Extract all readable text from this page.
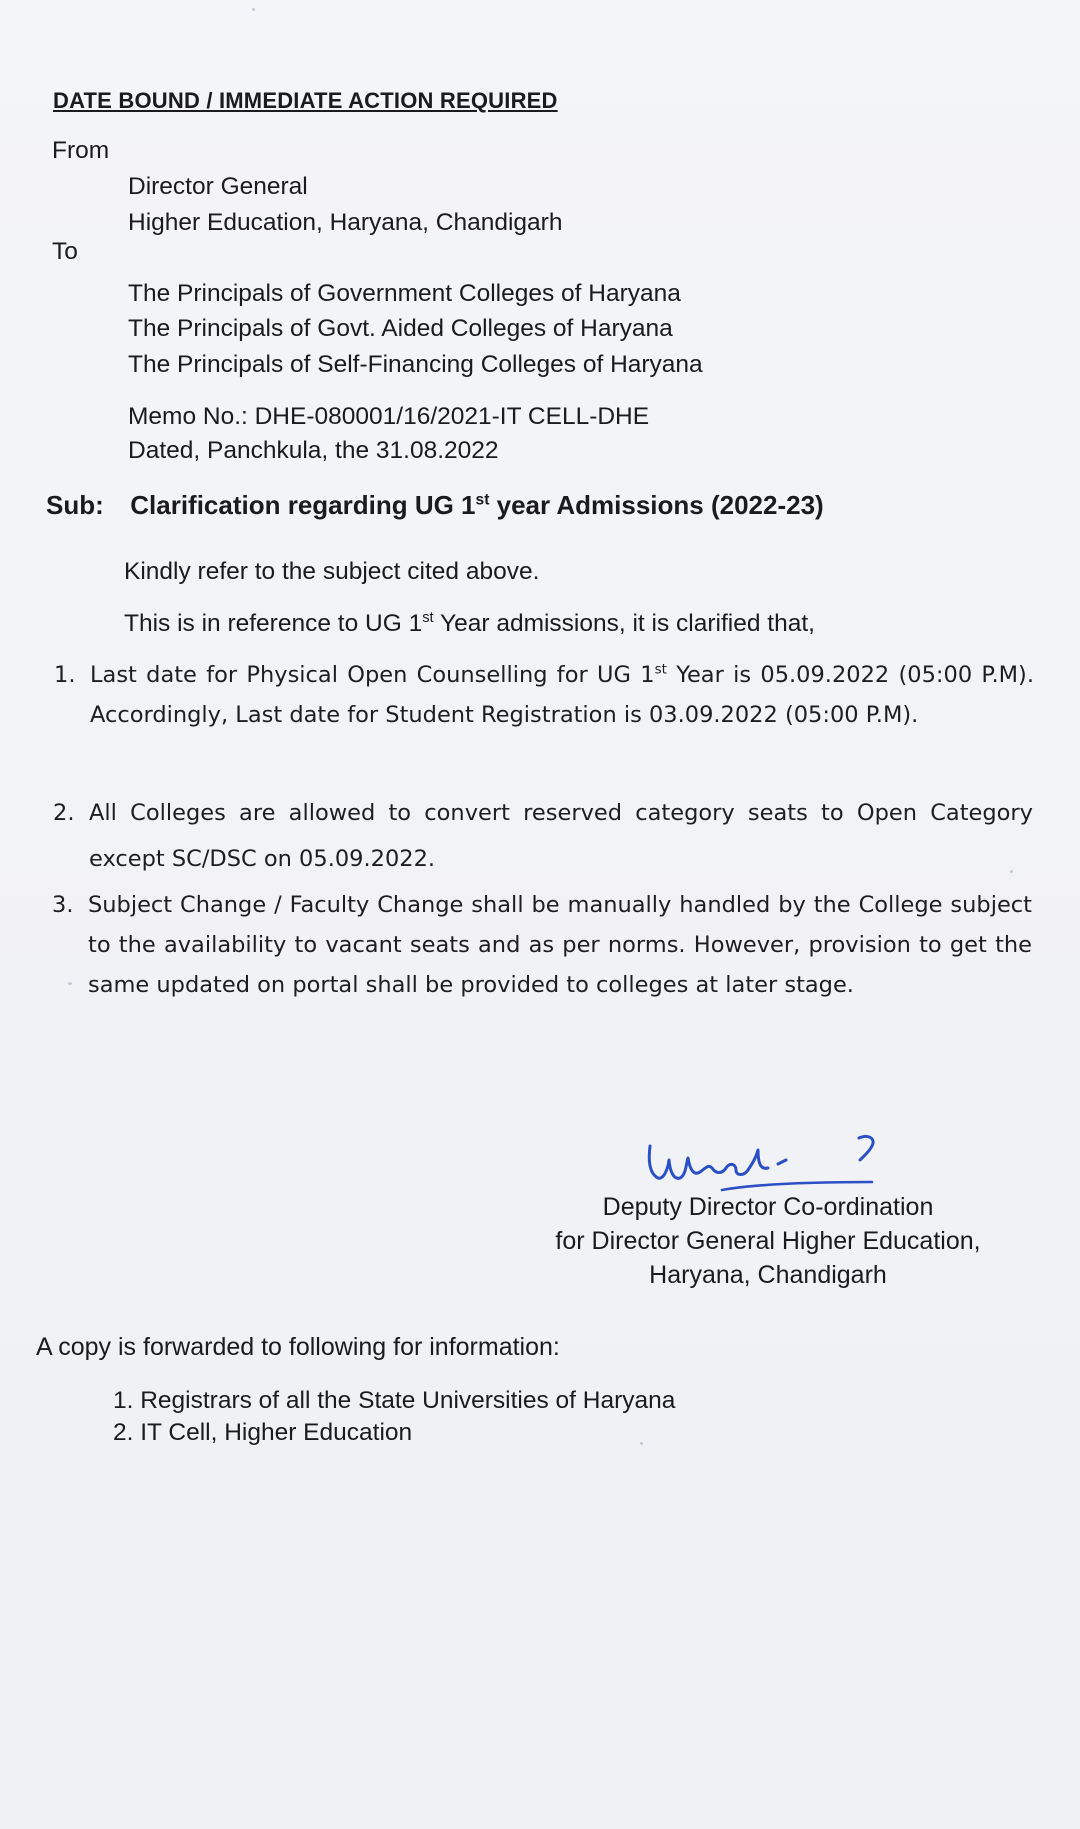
DATE BOUND / IMMEDIATE ACTION REQUIRED
From
Director General
Higher Education, Haryana, Chandigarh
To
The Principals of Government Colleges of Haryana
The Principals of Govt. Aided Colleges of Haryana
The Principals of Self-Financing Colleges of Haryana
Memo No.: DHE-080001/16/2021-IT CELL-DHE
Dated, Panchkula, the 31.08.2022
Sub: Clarification regarding UG 1st year Admissions (2022-23)
Kindly refer to the subject cited above.
This is in reference to UG 1st Year admissions, it is clarified that,
1. Last date for Physical Open Counselling for UG 1st Year is 05.09.2022 (05:00 P.M). Accordingly, Last date for Student Registration is 03.09.2022 (05:00 P.M).
2. All Colleges are allowed to convert reserved category seats to Open Category except SC/DSC on 05.09.2022.
3. Subject Change / Faculty Change shall be manually handled by the College subject to the availability to vacant seats and as per norms. However, provision to get the same updated on portal shall be provided to colleges at later stage.
Deputy Director Co-ordination
for Director General Higher Education,
Haryana, Chandigarh
A copy is forwarded to following for information:
1. Registrars of all the State Universities of Haryana
2. IT Cell, Higher Education
